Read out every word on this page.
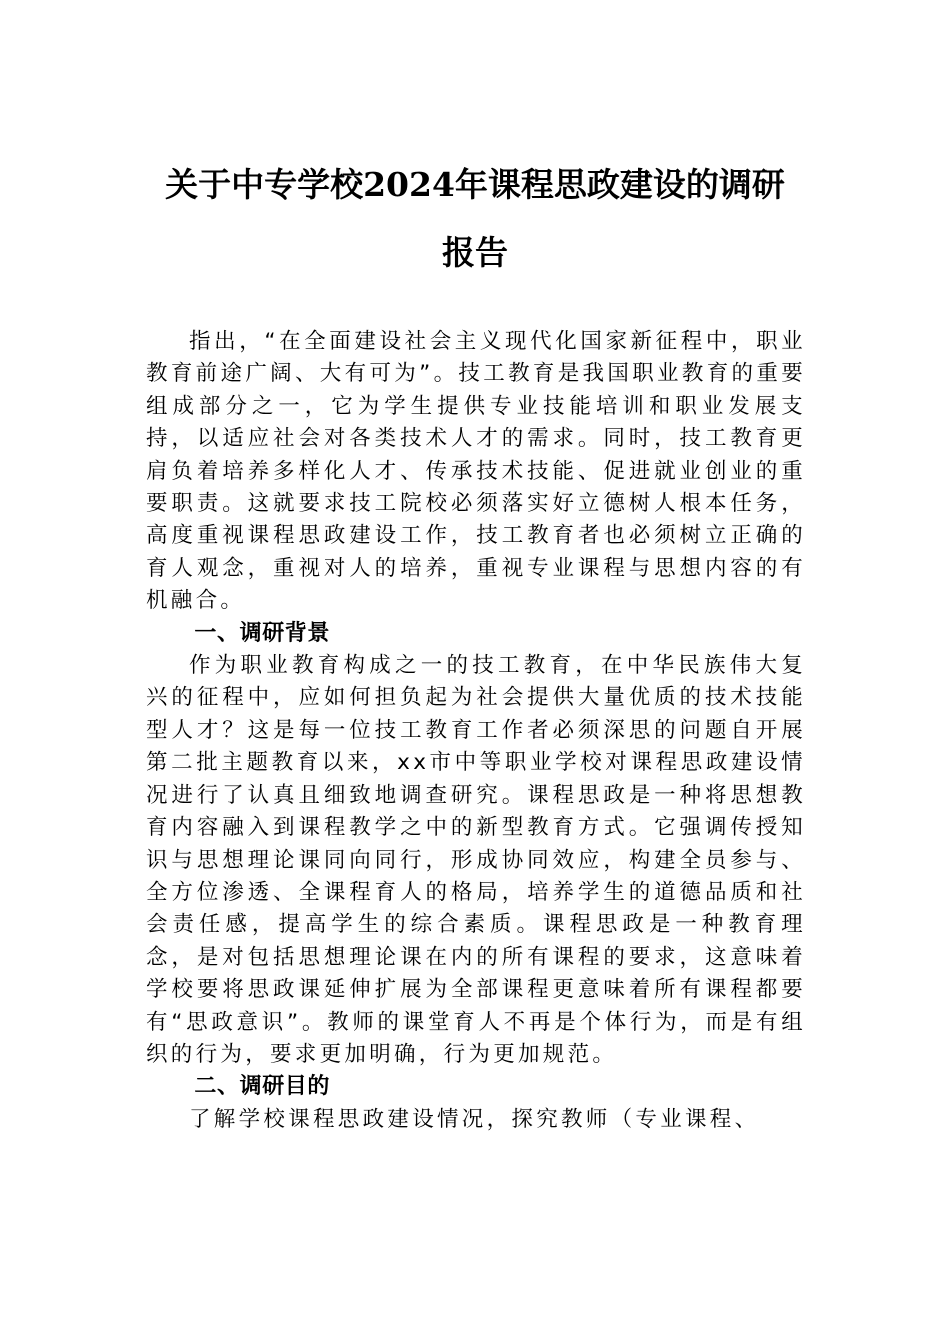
关于中专学校2024年课程思政建设的调研
报告

指出，“在全面建设社会主义现代化国家新征程中，职业教育前途广阔、大有可为”。技工教育是我国职业教育的重要组成部分之一，它为学生提供专业技能培训和职业发展支持，以适应社会对各类技术人才的需求。同时，技工教育更肩负着培养多样化人才、传承技术技能、促进就业创业的重要职责。这就要求技工院校必须落实好立德树人根本任务，高度重视课程思政建设工作，技工教育者也必须树立正确的育人观念，重视对人的培养，重视专业课程与思想内容的有机融合。

一、调研背景

作为职业教育构成之一的技工教育，在中华民族伟大复兴的征程中，应如何担负起为社会提供大量优质的技术技能型人才？这是每一位技工教育工作者必须深思的问题自开展第二批主题教育以来，xx市中等职业学校对课程思政建设情况进行了认真且细致地调查研究。课程思政是一种将思想教育内容融入到课程教学之中的新型教育方式。它强调传授知识与思想理论课同向同行，形成协同效应，构建全员参与、全方位渗透、全课程育人的格局，培养学生的道德品质和社会责任感，提高学生的综合素质。课程思政是一种教育理念，是对包括思想理论课在内的所有课程的要求，这意味着学校要将思政课延伸扩展为全部课程更意味着所有课程都要有“思政意识”。教师的课堂育人不再是个体行为，而是有组织的行为，要求更加明确，行为更加规范。

二、调研目的

了解学校课程思政建设情况，探究教师（专业课程、
